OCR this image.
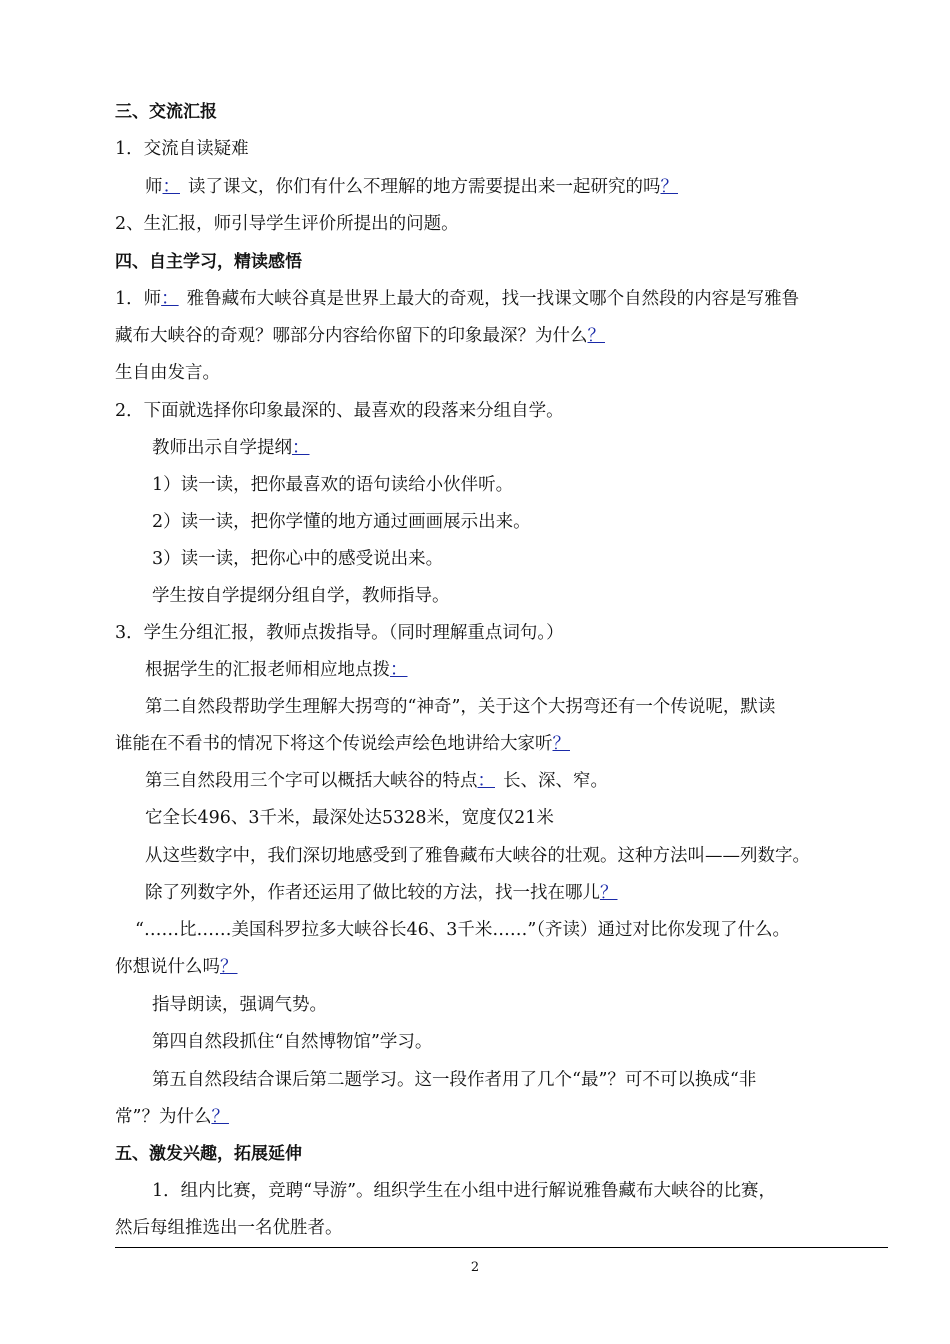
三、交流汇报
1．交流自读疑难
师： 读了课文，你们有什么不理解的地方需要提出来一起研究的吗？
2、生汇报，师引导学生评价所提出的问题。
四、自主学习，精读感悟
1．师： 雅鲁藏布大峡谷真是世界上最大的奇观，找一找课文哪个自然段的内容是写雅鲁
藏布大峡谷的奇观？哪部分内容给你留下的印象最深？为什么？
生自由发言。
2．下面就选择你印象最深的、最喜欢的段落来分组自学。
教师出示自学提纲：
1）读一读，把你最喜欢的语句读给小伙伴听。
2）读一读，把你学懂的地方通过画画展示出来。
3）读一读，把你心中的感受说出来。
学生按自学提纲分组自学，教师指导。
3．学生分组汇报，教师点拨指导。（同时理解重点词句。）
根据学生的汇报老师相应地点拨：
第二自然段帮助学生理解大拐弯的“神奇”，关于这个大拐弯还有一个传说呢，默读
谁能在不看书的情况下将这个传说绘声绘色地讲给大家听？
第三自然段用三个字可以概括大峡谷的特点： 长、深、窄。
它全长496、3千米，最深处达5328米，宽度仅21米
从这些数字中，我们深切地感受到了雅鲁藏布大峡谷的壮观。这种方法叫——列数字。
除了列数字外，作者还运用了做比较的方法，找一找在哪儿？
“……比……美国科罗拉多大峡谷长46、3千米……”（齐读）通过对比你发现了什么。
你想说什么吗？
指导朗读，强调气势。
第四自然段抓住“自然博物馆”学习。
第五自然段结合课后第二题学习。这一段作者用了几个“最”？可不可以换成“非
常”？为什么？
五、激发兴趣，拓展延伸
1．组内比赛，竞聘“导游”。组织学生在小组中进行解说雅鲁藏布大峡谷的比赛，
然后每组推选出一名优胜者。
2
